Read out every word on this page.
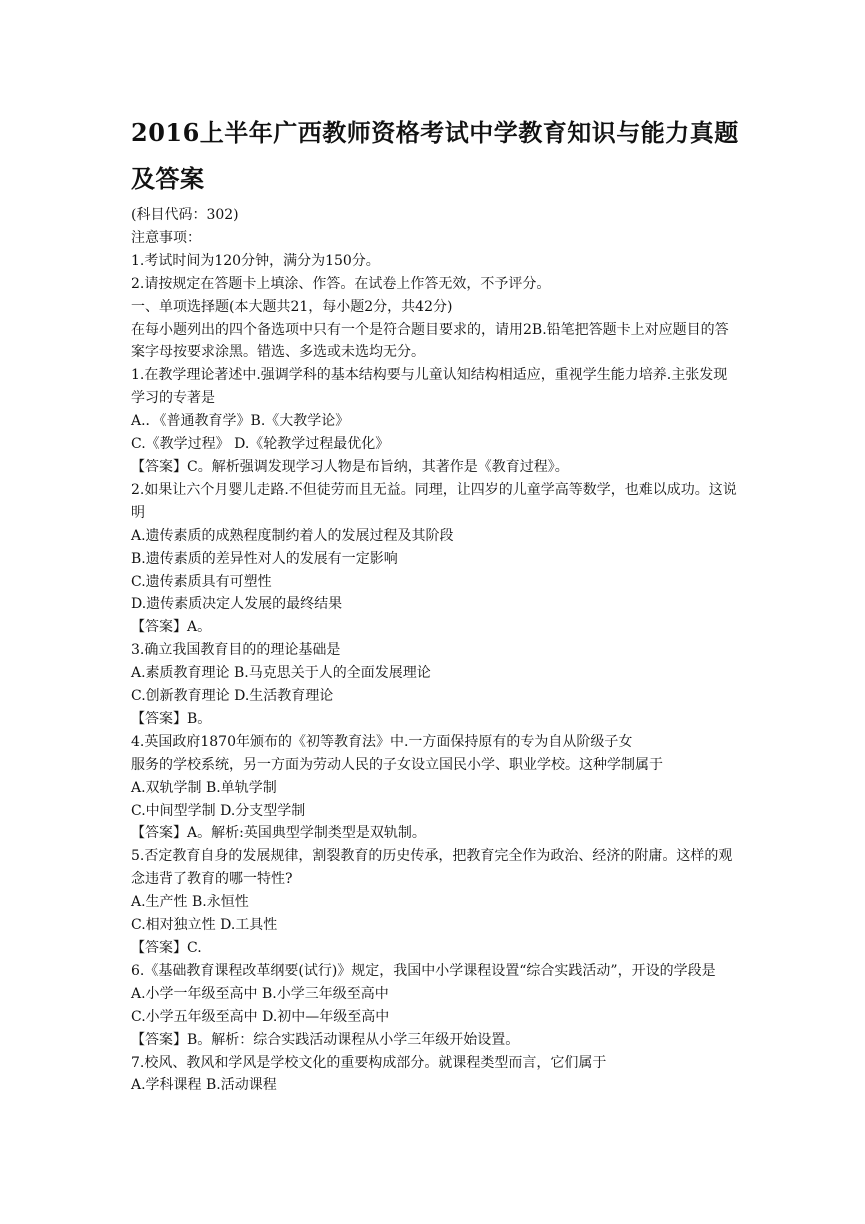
2016上半年广西教师资格考试中学教育知识与能力真题及答案

(科目代码：302)

注意事项：

1.考试时间为120分钟，满分为150分。

2.请按规定在答题卡上填涂、作答。在试卷上作答无效，不予评分。

一、单项选择题(本大题共21，每小题2分，共42分)

在每小题列出的四个备选项中只有一个是符合题目要求的，请用2B.铅笔把答题卡上对应题目的答案字母按要求涂黑。错选、多选或未选均无分。

1.在教学理论著述中.强调学科的基本结构要与儿童认知结构相适应，重视学生能力培养.主张发现学习的专著是

A.．《普通教育学》B.《大教学论》

C.《教学过程》 D.《轮教学过程最优化》

【答案】C。解析强调发现学习人物是布旨纳，其著作是《教育过程》。

2.如果让六个月婴儿走路.不但徒劳而且无益。同理，让四岁的儿童学高等数学，也难以成功。这说明

A.遗传素质的成熟程度制约着人的发展过程及其阶段

B.遗传素质的差异性对人的发展有一定影响

C.遗传素质具有可塑性

D.遗传素质决定人发展的最终结果

【答案】A。

3.确立我国教育目的的理论基础是

A.素质教育理论 B.马克思关于人的全面发展理论

C.创新教育理论 D.生活教育理论

【答案】B。

4.英国政府1870年颁布的《初等教育法》中.一方面保持原有的专为自从阶级子女

服务的学校系统，另一方面为劳动人民的子女设立国民小学、职业学校。这种学制属于

A.双轨学制 B.单轨学制

C.中间型学制 D.分支型学制

【答案】A。解析:英国典型学制类型是双轨制。

5.否定教育自身的发展规律，割裂教育的历史传承，把教育完全作为政治、经济的附庸。这样的观念违背了教育的哪一特性?

A.生产性 B.永恒性

C.相对独立性 D.工具性

【答案】C.

6.《基础教育课程改革纲要(试行)》规定，我国中小学课程设置“综合实践活动”，开设的学段是

A.小学一年级至高中 B.小学三年级至高中

C.小学五年级至高中 D.初中—年级至高中

【答案】B。解析：综合实践活动课程从小学三年级开始设置。

7.校风、教风和学风是学校文化的重要构成部分。就课程类型而言，它们属于

A.学科课程 B.活动课程
